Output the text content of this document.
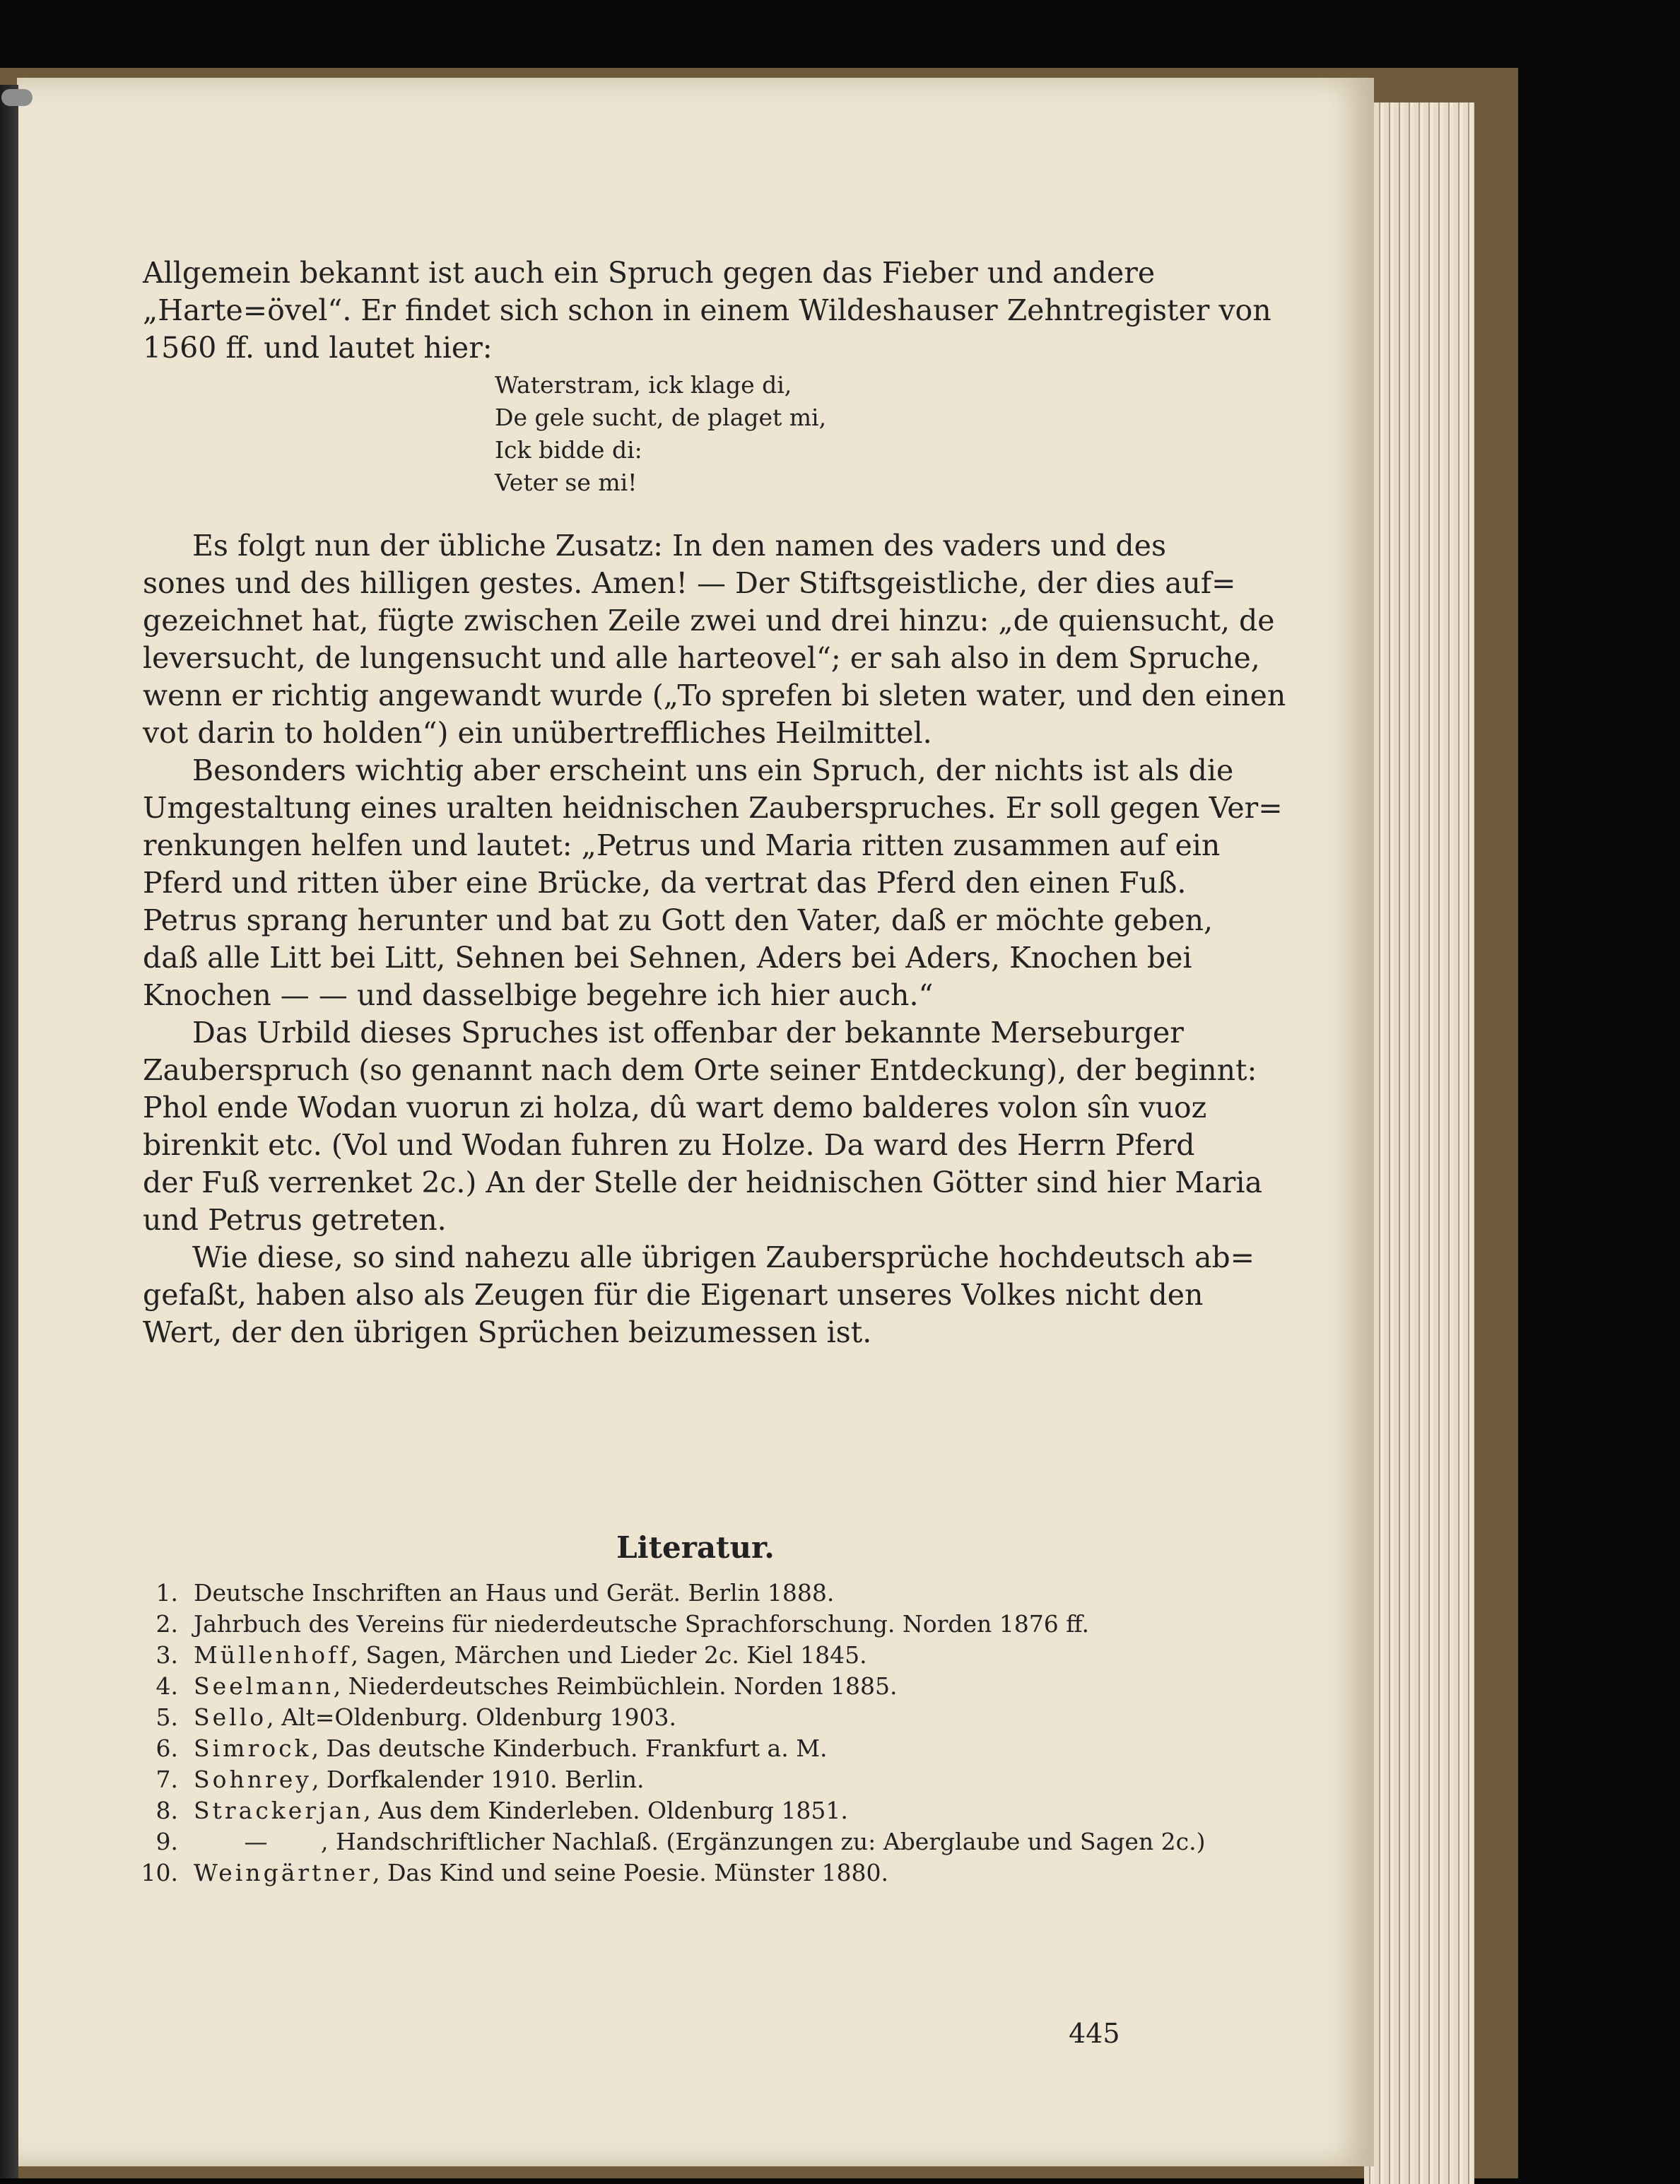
Allgemein bekannt ist auch ein Spruch gegen das Fieber und andere
„Harte=övel“. Er findet sich schon in einem Wildeshauser Zehntregister von
1560 ff. und lautet hier:
Waterstram, ick klage di,
De gele sucht, de plaget mi,
Ick bidde di:
Veter se mi!
Es folgt nun der übliche Zusatz: In den namen des vaders und des
sones und des hilligen gestes. Amen! — Der Stiftsgeistliche, der dies auf=
gezeichnet hat, fügte zwischen Zeile zwei und drei hinzu: „de quiensucht, de
leversucht, de lungensucht und alle harteovel“; er sah also in dem Spruche,
wenn er richtig angewandt wurde („To sprefen bi sleten water, und den einen
vot darin to holden“) ein unübertreffliches Heilmittel.
Besonders wichtig aber erscheint uns ein Spruch, der nichts ist als die
Umgestaltung eines uralten heidnischen Zauberspruches. Er soll gegen Ver=
renkungen helfen und lautet: „Petrus und Maria ritten zusammen auf ein
Pferd und ritten über eine Brücke, da vertrat das Pferd den einen Fuß.
Petrus sprang herunter und bat zu Gott den Vater, daß er möchte geben,
daß alle Litt bei Litt, Sehnen bei Sehnen, Aders bei Aders, Knochen bei
Knochen — — und dasselbige begehre ich hier auch.“
Das Urbild dieses Spruches ist offenbar der bekannte Merseburger
Zauberspruch (so genannt nach dem Orte seiner Entdeckung), der beginnt:
Phol ende Wodan vuorun zi holza, dû wart demo balderes volon sîn vuoz
birenkit etc. (Vol und Wodan fuhren zu Holze. Da ward des Herrn Pferd
der Fuß verrenket 2c.) An der Stelle der heidnischen Götter sind hier Maria
und Petrus getreten.
Wie diese, so sind nahezu alle übrigen Zaubersprüche hochdeutsch ab=
gefaßt, haben also als Zeugen für die Eigenart unseres Volkes nicht den
Wert, der den übrigen Sprüchen beizumessen ist.
Literatur.
1. Deutsche Inschriften an Haus und Gerät. Berlin 1888.
2. Jahrbuch des Vereins für niederdeutsche Sprachforschung. Norden 1876 ff.
3. Müllenhoff, Sagen, Märchen und Lieder 2c. Kiel 1845.
4. Seelmann, Niederdeutsches Reimbüchlein. Norden 1885.
5. Sello, Alt=Oldenburg. Oldenburg 1903.
6. Simrock, Das deutsche Kinderbuch. Frankfurt a. M.
7. Sohnrey, Dorfkalender 1910. Berlin.
8. Strackerjan, Aus dem Kinderleben. Oldenburg 1851.
9.	— , Handschriftlicher Nachlaß. (Ergänzungen zu: Aberglaube und Sagen 2c.)
10. Weingärtner, Das Kind und seine Poesie. Münster 1880.
445
